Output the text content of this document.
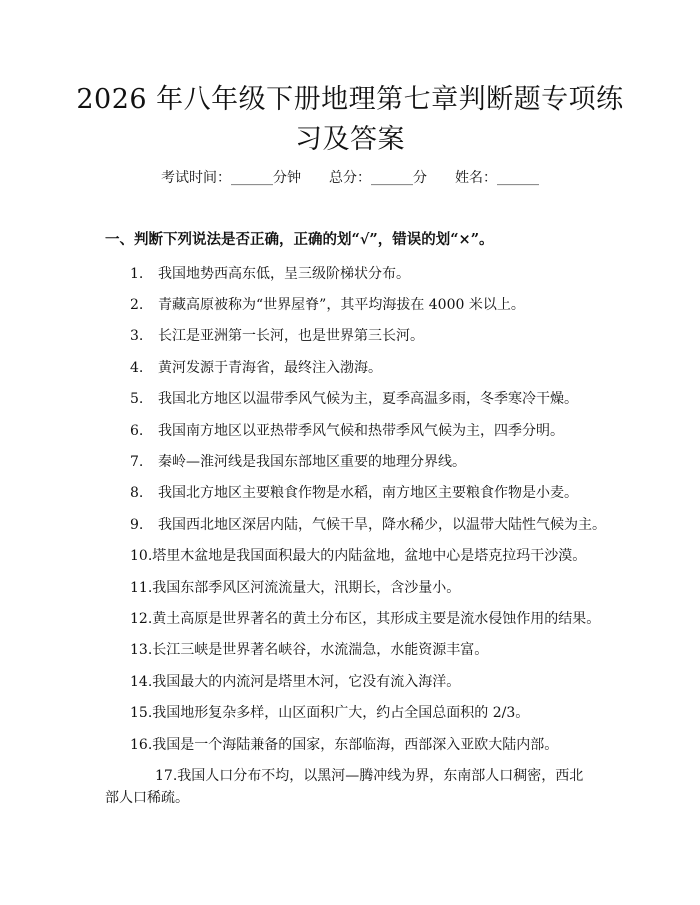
2026 年八年级下册地理第七章判断题专项练
习及答案
考试时间：______分钟 总分：______分 姓名：______
一、判断下列说法是否正确，正确的划“√”，错误的划“×”。
1.	我国地势西高东低，呈三级阶梯状分布。
2.	青藏高原被称为“世界屋脊”，其平均海拔在 4000 米以上。
3.	长江是亚洲第一长河，也是世界第三长河。
4.	黄河发源于青海省，最终注入渤海。
5.	我国北方地区以温带季风气候为主，夏季高温多雨，冬季寒冷干燥。
6.	我国南方地区以亚热带季风气候和热带季风气候为主，四季分明。
7.	秦岭—淮河线是我国东部地区重要的地理分界线。
8.	我国北方地区主要粮食作物是水稻，南方地区主要粮食作物是小麦。
9.	我国西北地区深居内陆，气候干旱，降水稀少，以温带大陆性气候为主。
10. 塔里木盆地是我国面积最大的内陆盆地，盆地中心是塔克拉玛干沙漠。
11. 我国东部季风区河流流量大，汛期长，含沙量小。
12. 黄土高原是世界著名的黄土分布区，其形成主要是流水侵蚀作用的结果。
13. 长江三峡是世界著名峡谷，水流湍急，水能资源丰富。
14. 我国最大的内流河是塔里木河，它没有流入海洋。
15. 我国地形复杂多样，山区面积广大，约占全国总面积的 2/3。
16. 我国是一个海陆兼备的国家，东部临海，西部深入亚欧大陆内部。
17.我国人口分布不均，以黑河—腾冲线为界，东南部人口稠密，西北部人口稀疏。
